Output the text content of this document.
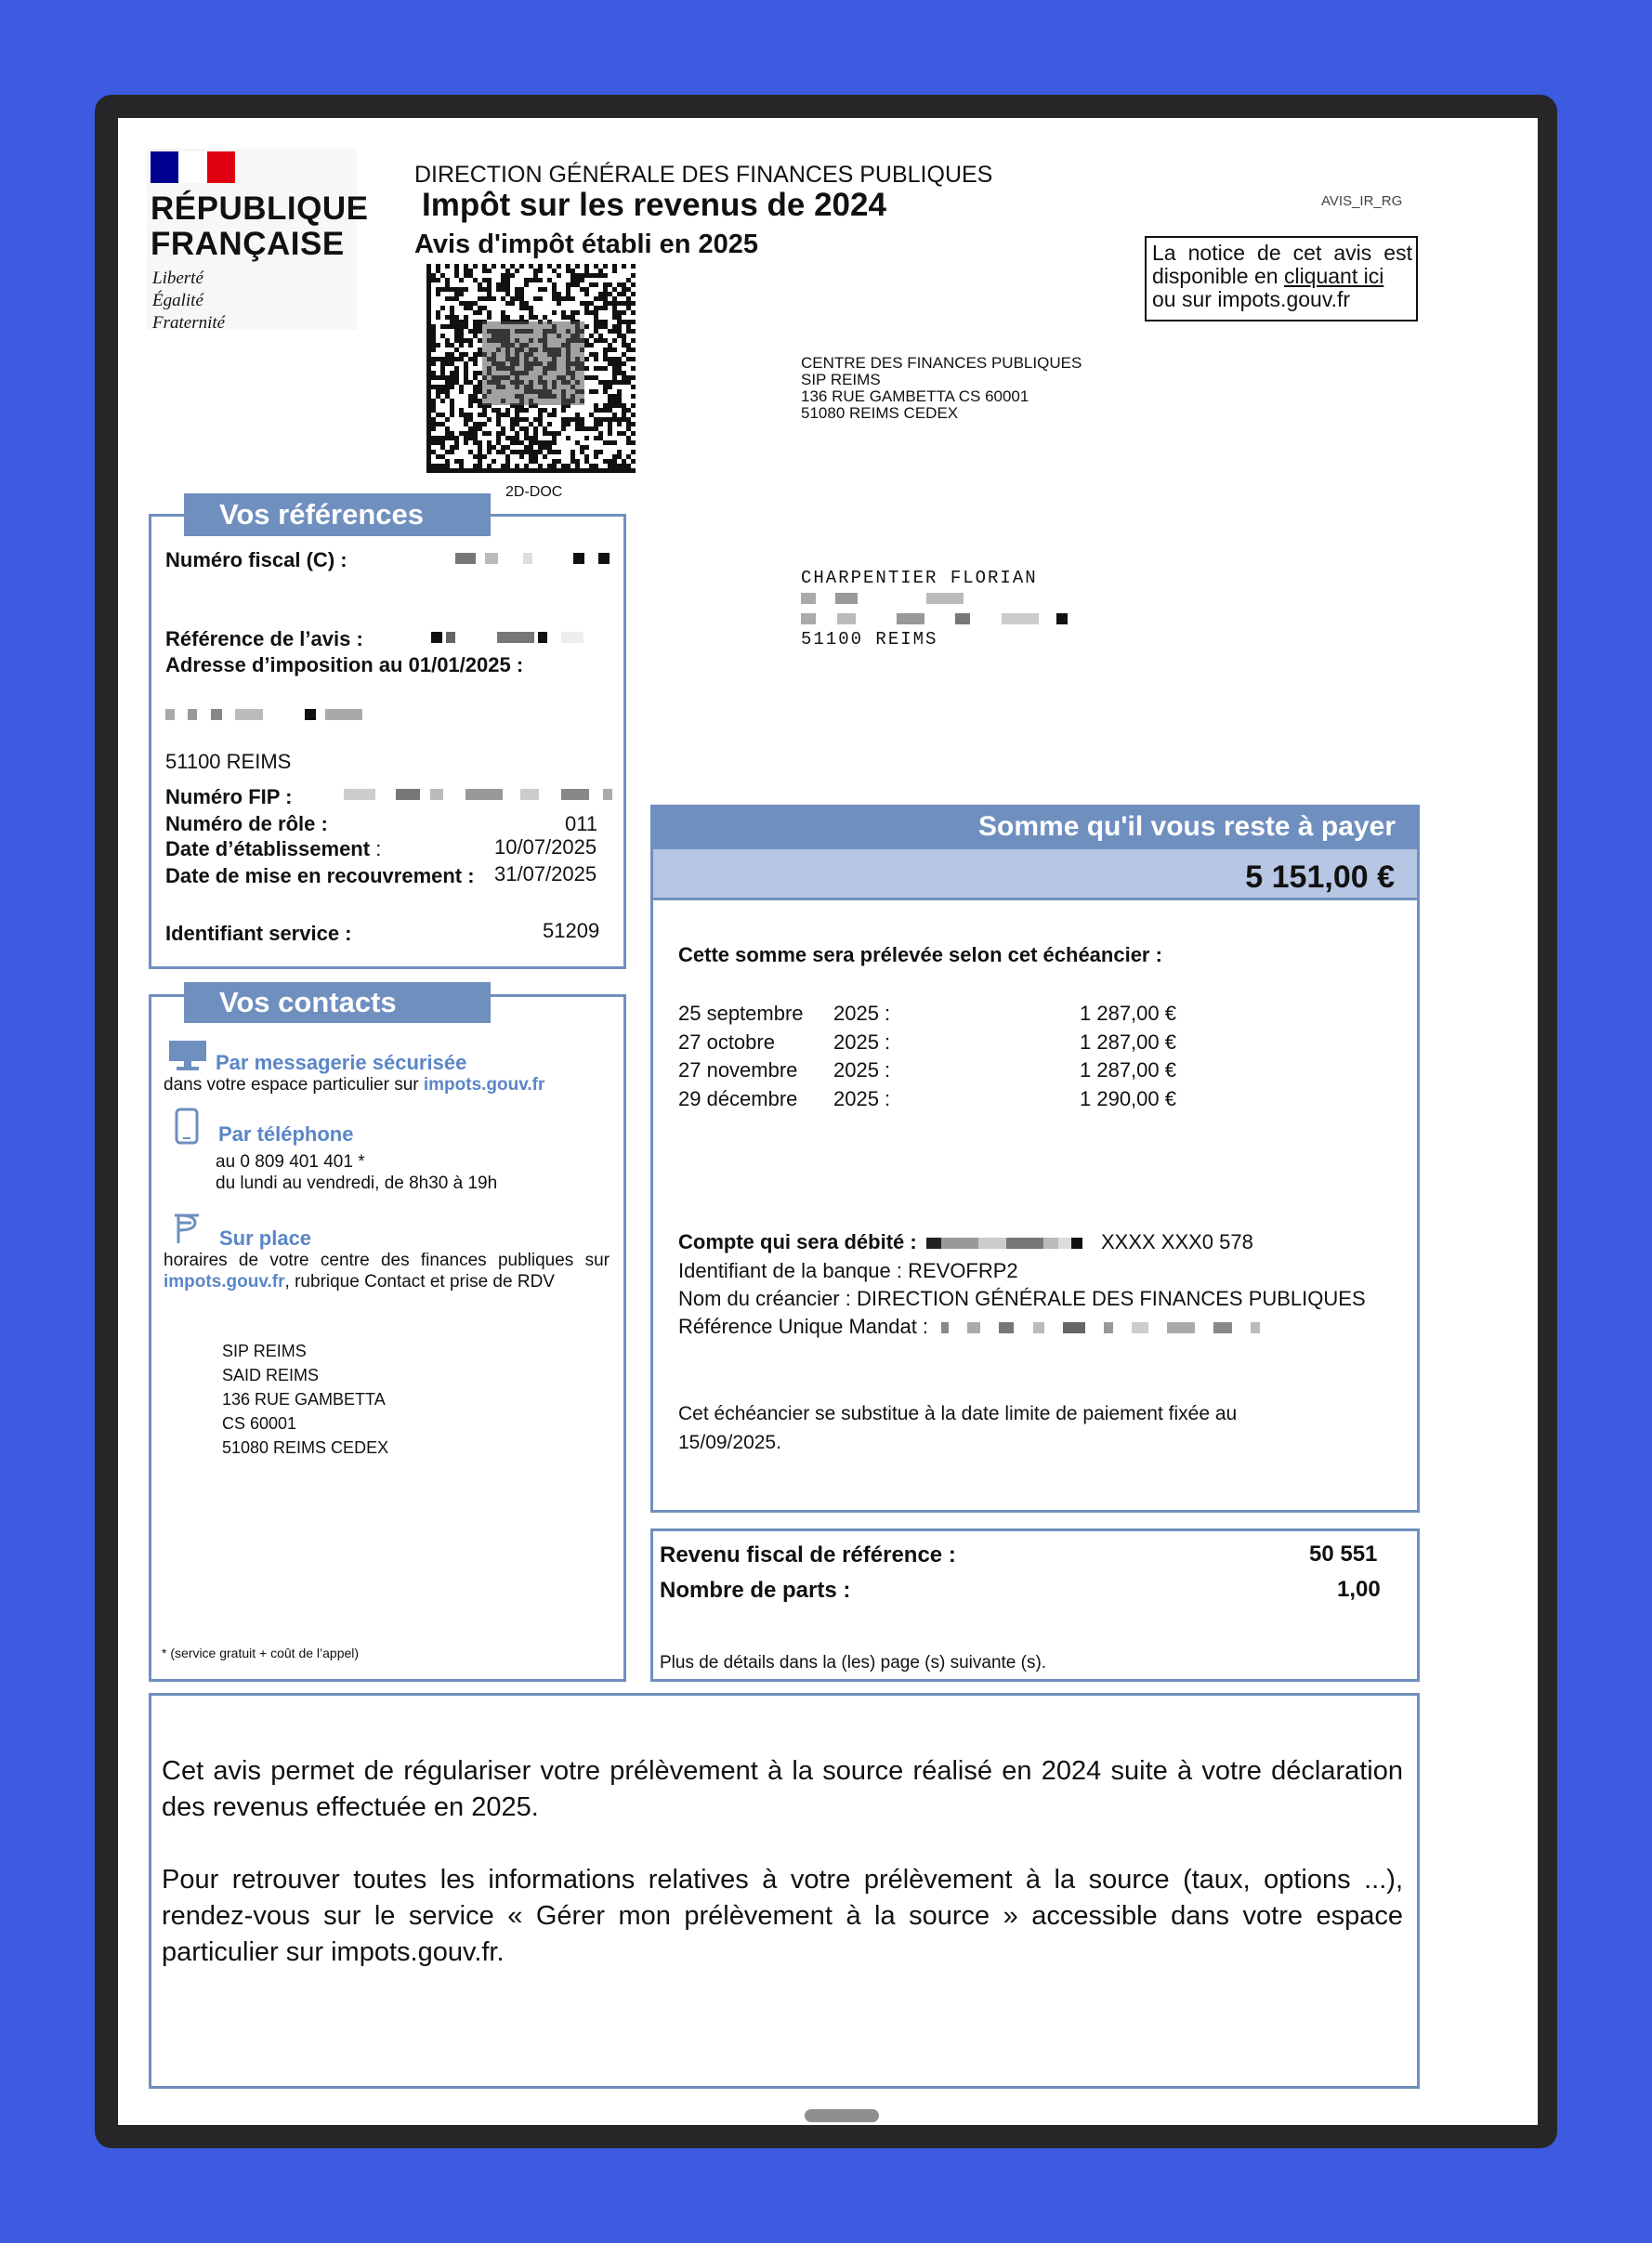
RÉPUBLIQUE
FRANÇAISE
Liberté
Égalité
Fraternité
DIRECTION GÉNÉRALE DES FINANCES PUBLIQUES
Impôt sur les revenus de 2024
Avis d'impôt établi en 2025
AVIS_IR_RG
La notice de cet avis est disponible en cliquant ici
ou sur impots.gouv.fr
2D-DOC
CENTRE DES FINANCES PUBLIQUES
SIP REIMS
136 RUE GAMBETTA CS 60001
51080 REIMS CEDEX
CHARPENTIER FLORIAN

51100 REIMS
Vos références
Numéro fiscal (C) :

Référence de l’avis :

Adresse d’imposition au 01/01/2025 :

51100 REIMS
Numéro FIP :

Numéro de rôle :	011
Date d’établissement :	10/07/2025
Date de mise en recouvrement : 31/07/2025
Identifiant service :	51209
Vos contacts
Par messagerie sécurisée
dans votre espace particulier sur impots.gouv.fr
Par téléphone
au 0 809 401 401 *
du lundi au vendredi, de 8h30 à 19h
Sur place
horaires de votre centre des finances publiques sur
impots.gouv.fr, rubrique Contact et prise de RDV
SIP REIMS
SAID REIMS
136 RUE GAMBETTA
CS 60001
51080 REIMS CEDEX
* (service gratuit + coût de l’appel)
Somme qu'il vous reste à payer
5 151,00 €
Cette somme sera prélevée selon cet échéancier :
25 septembre 2025 :	1 287,00 €
27 octobre	2025 :	1 287,00 €
27 novembre 2025 :	1 287,00 €
29 décembre 2025 :	1 290,00 €
Compte qui sera débité :	XXXX XXX0 578
Identifiant de la banque : REVOFRP2
Nom du créancier : DIRECTION GÉNÉRALE DES FINANCES PUBLIQUES
Référence Unique Mandat :
Cet échéancier se substitue à la date limite de paiement fixée au 15/09/2025.
Revenu fiscal de référence :	50 551
Nombre de parts :	1,00
Plus de détails dans la (les) page (s) suivante (s).
Cet avis permet de régulariser votre prélèvement à la source réalisé en 2024 suite à votre déclaration des revenus effectuée en 2025.
Pour retrouver toutes les informations relatives à votre prélèvement à la source (taux, options ...), rendez-vous sur le service « Gérer mon prélèvement à la source » accessible dans votre espace particulier sur impots.gouv.fr.
